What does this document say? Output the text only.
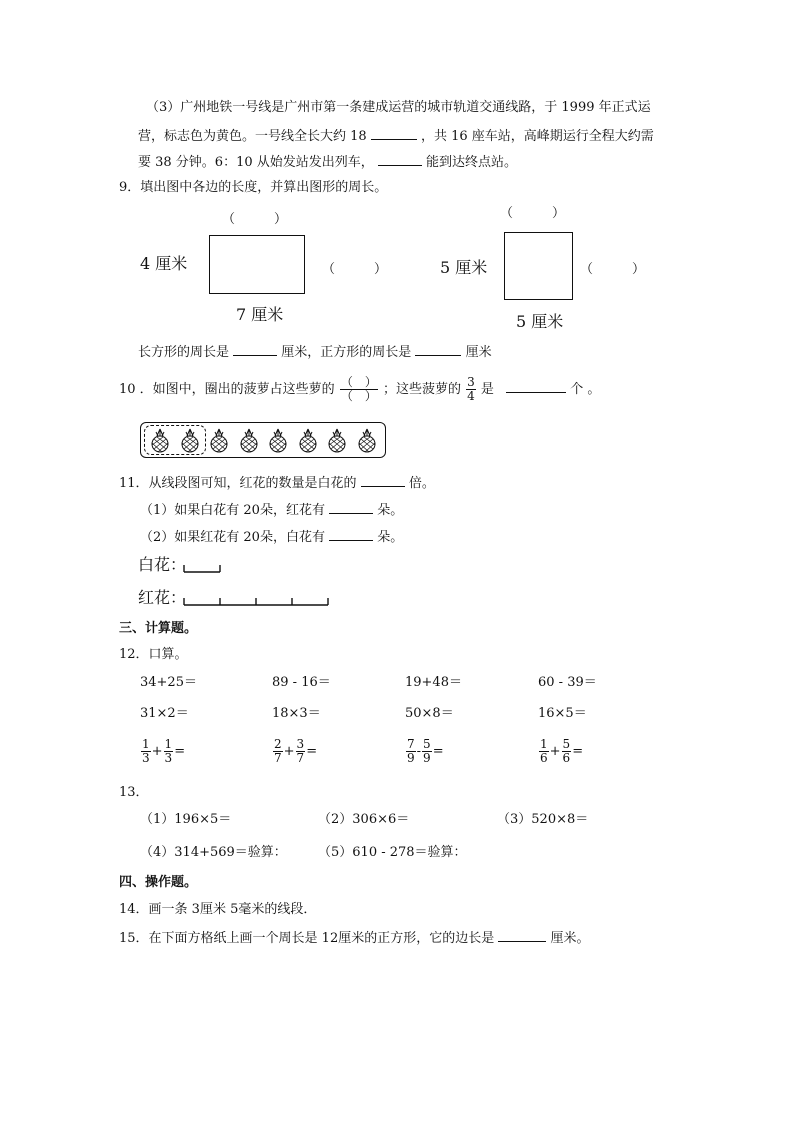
（3）广州地铁一号线是广州市第一条建成运营的城市轨道交通线路，于 1999 年正式运
营，标志色为黄色。一号线全长大约 18	，共 16 座车站，高峰期运行全程大约需
要 38 分钟。6：10 从始发站发出列车，	能到达终点站。
9．填出图中各边的长度，并算出图形的周长。
（　　　）
4 厘米	（　　　）
7 厘米
（　　　）
5 厘米	（　　　）
5 厘米
长方形的周长是	厘米，正方形的周长是	厘米
10 ．如图中，圈出的菠萝占这些萝的 $\frac{( )}{( )}$ ；这些菠萝的 $\frac{3}{4}$ 是	个 。
11．从线段图可知，红花的数量是白花的	倍。
（1）如果白花有 20朵，红花有	朵。
（2）如果红花有 20朵，白花有	朵。
白花：
红花：
三、计算题。
12．口算。
34+25＝	89 - 16＝	19+48＝	60 - 39＝
31×2＝	18×3＝	50×8＝	16×5＝
$\frac{1}{3} + \frac{1}{3}$ =	$\frac{2}{7} + \frac{3}{7}$ =	$\frac{7}{9} - \frac{5}{9}$ =	$\frac{1}{6} + \frac{5}{6}$ =
13．
（1）196×5＝	（2）306×6＝	（3）520×8＝
（4）314+569＝验算： （5）610 - 278＝验算：
四、操作题。
14．画一条 3厘米 5毫米的线段．
15．在下面方格纸上画一个周长是 12厘米的正方形，它的边长是	厘米。
